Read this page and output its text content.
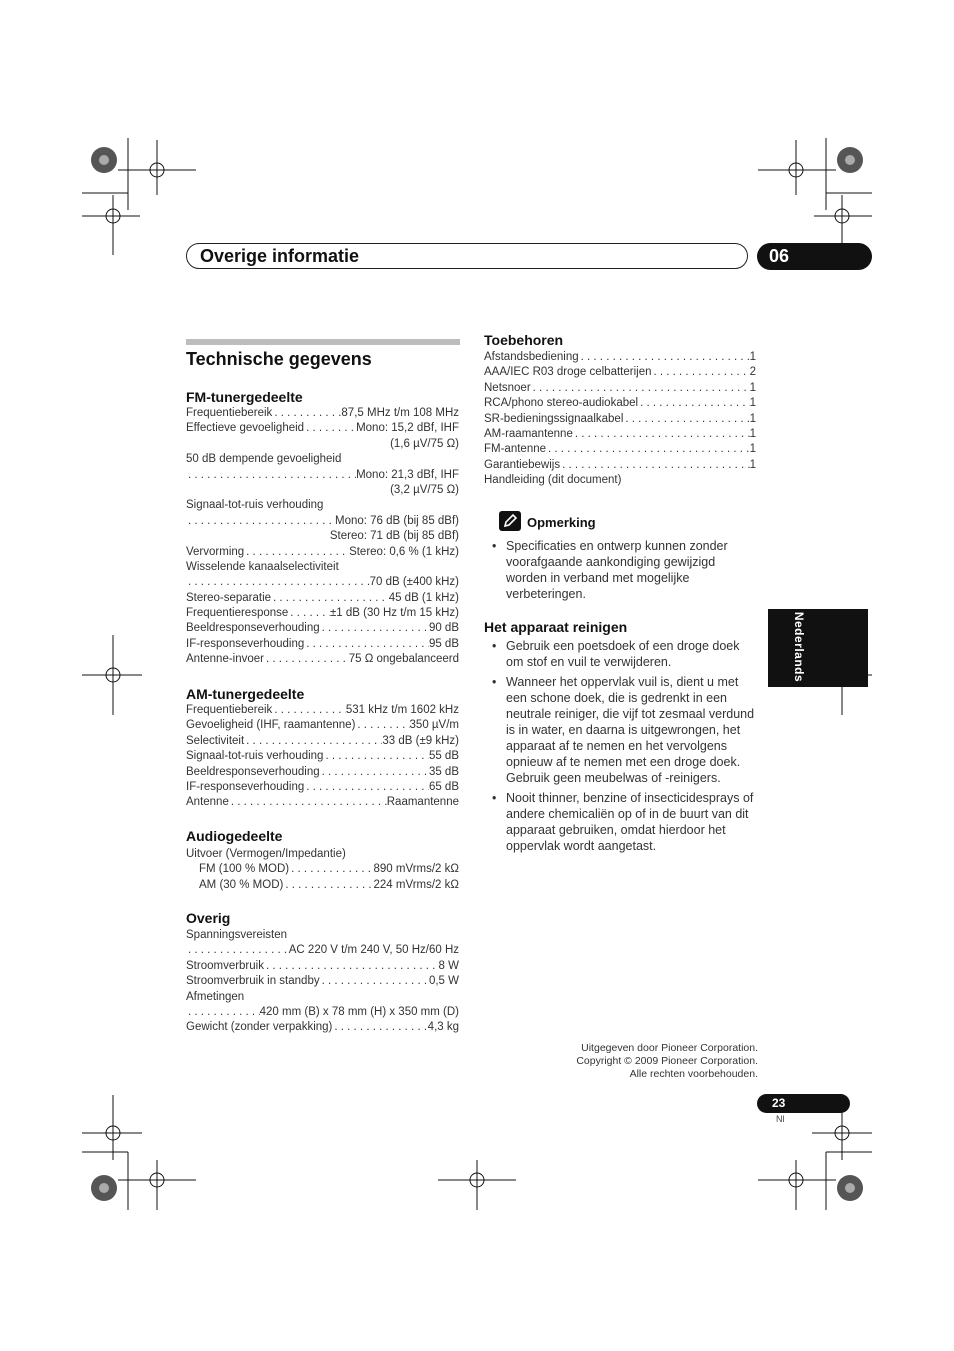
Overige informatie	06
Technische gegevens
FM-tunergedeelte
Frequentiebereik . . .	87,5 MHz t/m 108 MHz
Effectieve gevoeligheid . . .	Mono: 15,2 dBf, IHF
(1,6 µV/75 Ω)
50 dB dempende gevoeligheid
. . .
Mono: 21,3 dBf, IHF
(3,2 µV/75 Ω)
Signaal-tot-ruis verhouding
. . .
Mono: 76 dB (bij 85 dBf)
Stereo: 71 dB (bij 85 dBf)
Vervorming . . .	Stereo: 0,6 % (1 kHz)
Wisselende kanaalselectiviteit
. . .
70 dB (±400 kHz)
Stereo-separatie . . .	45 dB (1 kHz)
Frequentieresponse . . .	±1 dB (30 Hz t/m 15 kHz)
Beeldresponseverhouding . . .	90 dB
IF-responseverhouding . . .	95 dB
Antenne-invoer . . .	75 Ω ongebalanceerd
AM-tunergedeelte
Frequentiebereik . . .	531 kHz t/m 1602 kHz
Gevoeligheid (IHF, raamantenne) . . .	350 µV/m
Selectiviteit . . .	33 dB (±9 kHz)
Signaal-tot-ruis verhouding . . .	55 dB
Beeldresponseverhouding . . .	35 dB
IF-responseverhouding . . .	65 dB
Antenne . . .	Raamantenne
Audiogedeelte
Uitvoer (Vermogen/Impedantie)
FM (100 % MOD) . . .	890 mVrms/2 kΩ
AM (30 % MOD) . . .	224 mVrms/2 kΩ
Overig
Spanningsvereisten
. . .
AC 220 V t/m 240 V, 50 Hz/60 Hz
Stroomverbruik . . .	8 W
Stroomverbruik in standby . . .	0,5 W
Afmetingen
. . .
420 mm (B) x 78 mm (H) x 350 mm (D)
Gewicht (zonder verpakking) . . .	4,3 kg
Toebehoren
Afstandsbediening . . .	1
AAA/IEC R03 droge celbatterijen . . .	2
Netsnoer . . .	1
RCA/phono stereo-audiokabel . . .	1
SR-bedieningssignaalkabel . . .	1
AM-raamantenne . . .	1
FM-antenne . . .	1
Garantiebewijs . . .	1
Handleiding (dit document)
Opmerking
• Specificaties en ontwerp kunnen zonder voorafgaande aankondiging gewijzigd worden in verband met mogelijke verbeteringen.
Het apparaat reinigen
• Gebruik een poetsdoek of een droge doek om stof en vuil te verwijderen.
• Wanneer het oppervlak vuil is, dient u met een schone doek, die is gedrenkt in een neutrale reiniger, die vijf tot zesmaal verdund is in water, en daarna is uitgewrongen, het apparaat af te nemen en het vervolgens opnieuw af te nemen met een droge doek. Gebruik geen meubelwas of -reinigers.
• Nooit thinner, benzine of insecticidesprays of andere chemicaliën op of in de buurt van dit apparaat gebruiken, omdat hierdoor het oppervlak wordt aangetast.
Nederlands
Uitgegeven door Pioneer Corporation.
Copyright © 2009 Pioneer Corporation.
Alle rechten voorbehouden.
23
Nl
